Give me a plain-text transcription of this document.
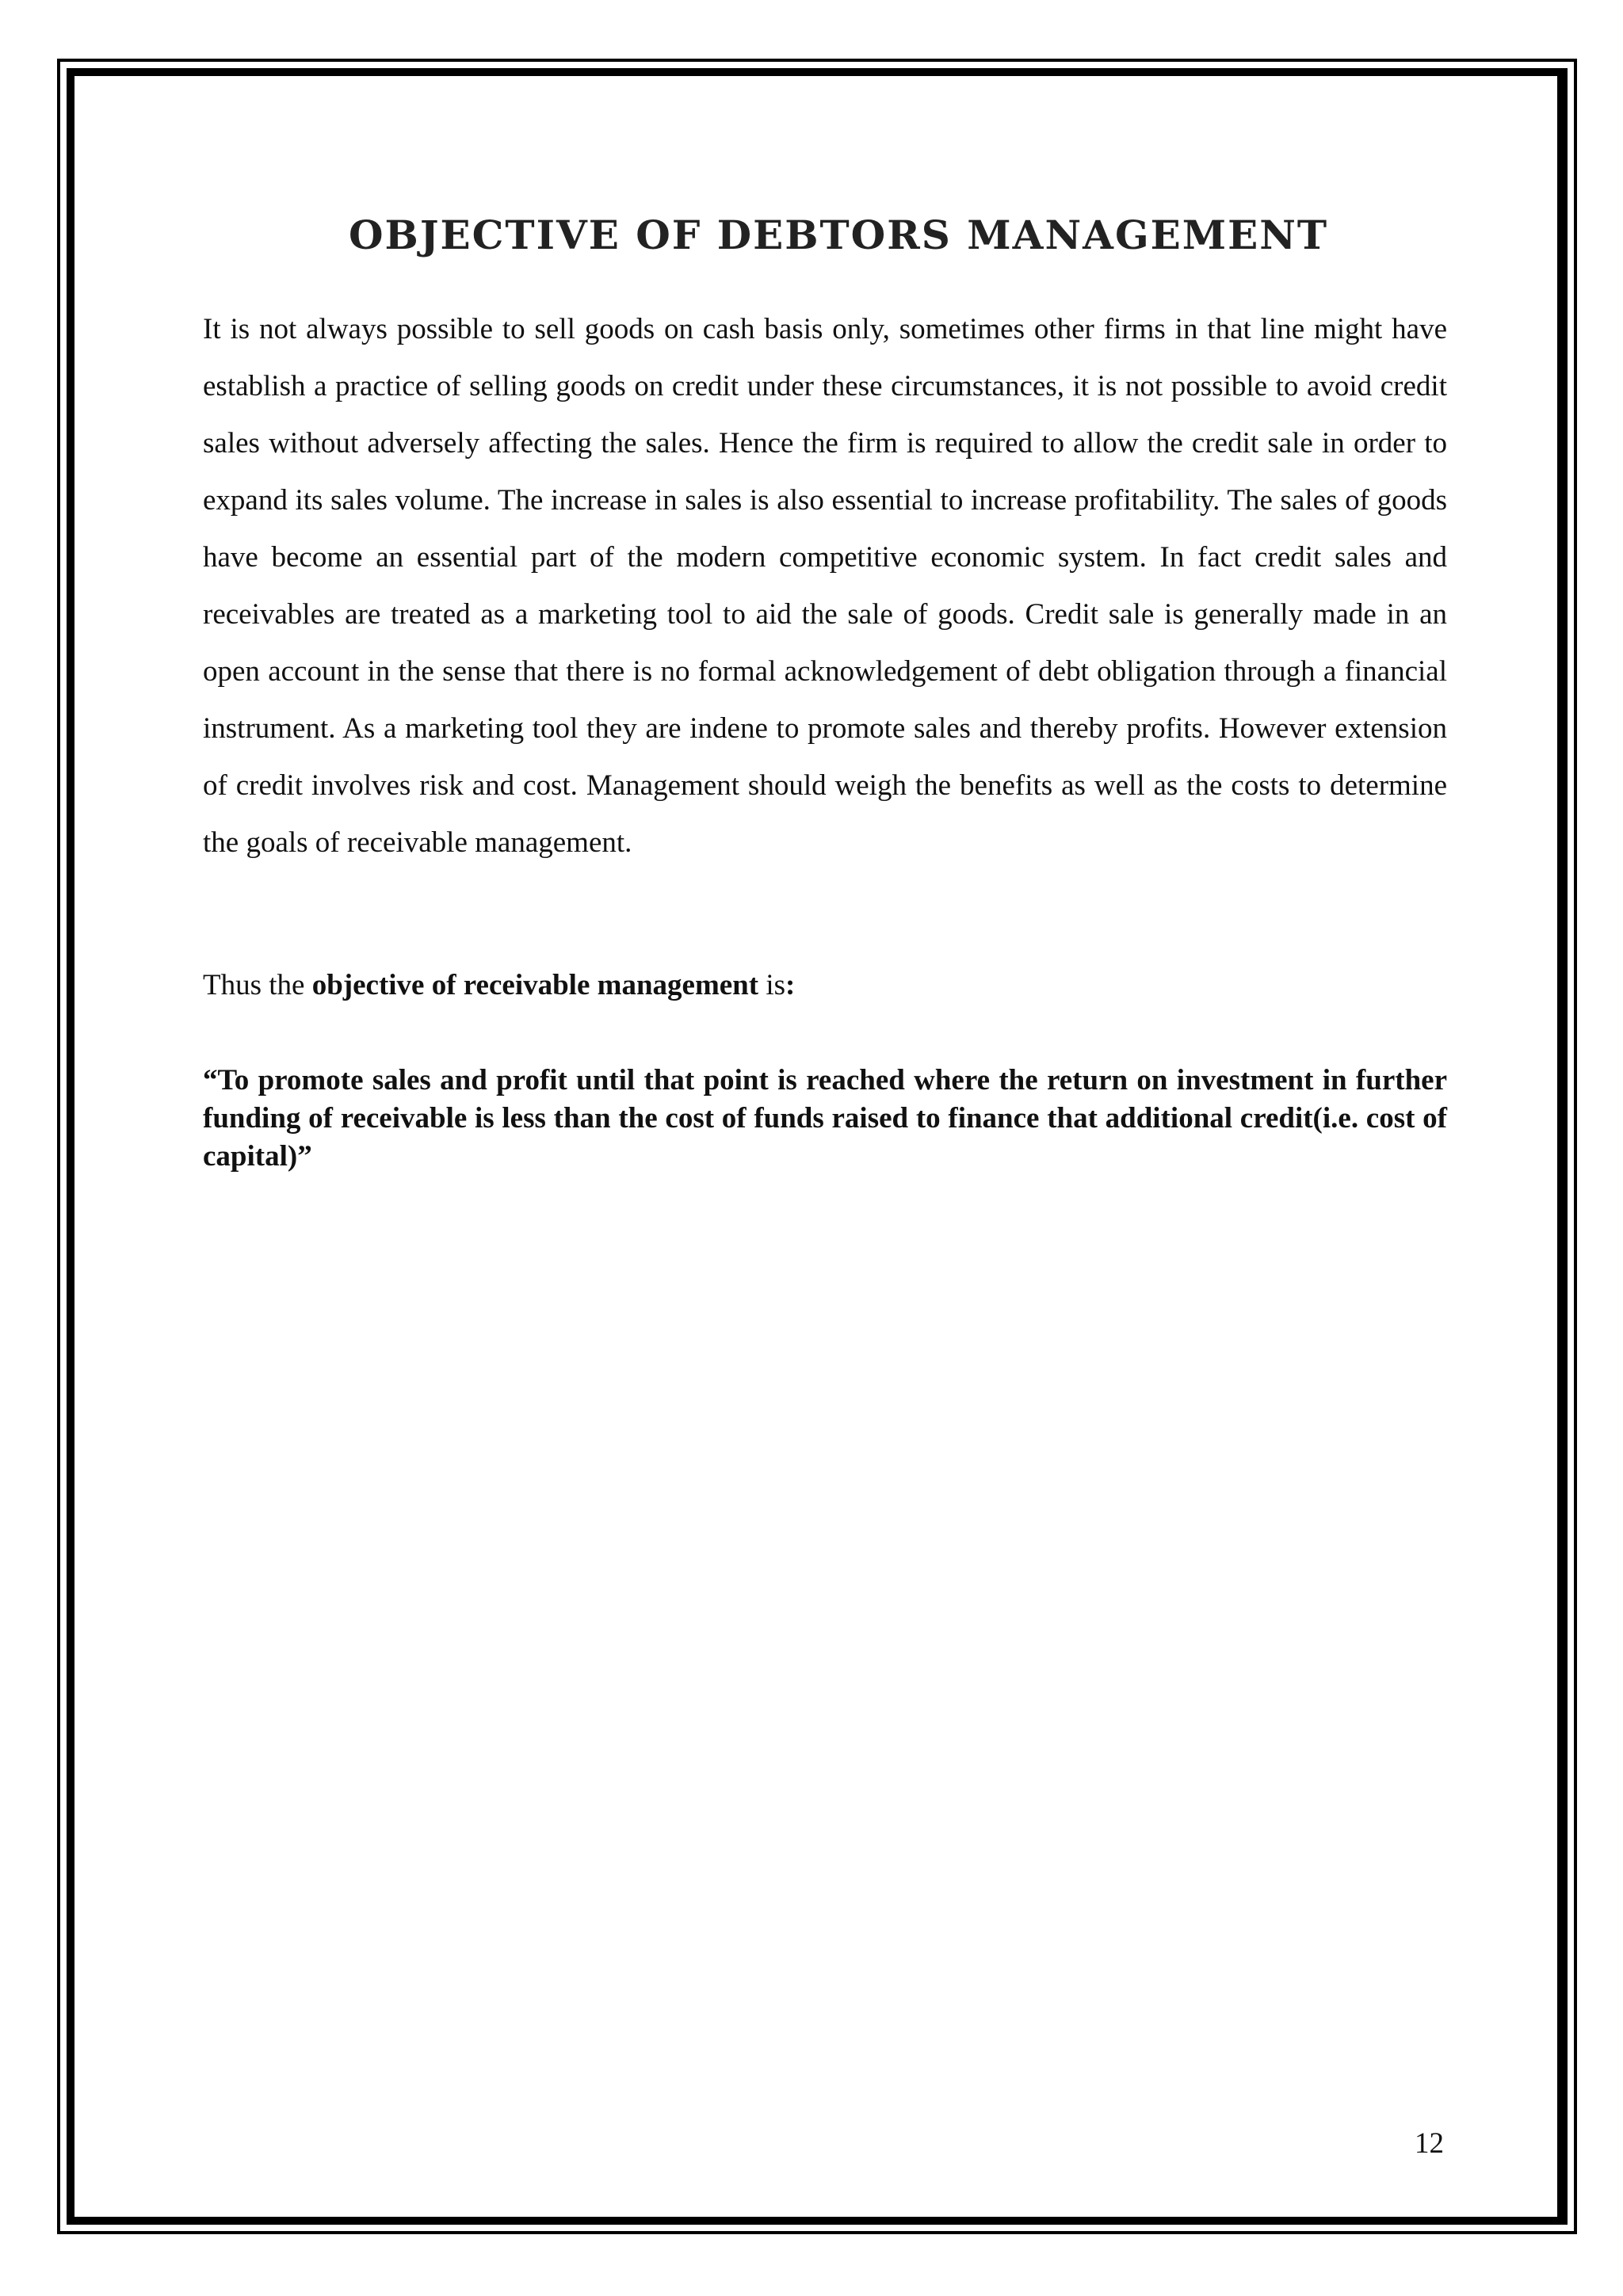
OBJECTIVE OF DEBTORS MANAGEMENT

It is not always possible to sell goods on cash basis only, sometimes other firms in that line might have establish a practice of selling goods on credit under these circumstances, it is not possible to avoid credit sales without adversely affecting the sales. Hence the firm is required to allow the credit sale in order to expand its sales volume. The increase in sales is also essential to increase profitability. The sales of goods have become an essential part of the modern competitive economic system. In fact credit sales and receivables are treated as a marketing tool to aid the sale of goods. Credit sale is generally made in an open account in the sense that there is no formal acknowledgement of debt obligation through a financial instrument. As a marketing tool they are indene to promote sales and thereby profits. However extension of credit involves risk and cost. Management should weigh the benefits as well as the costs to determine the goals of receivable management.

Thus the objective of receivable management is:

“To promote sales and profit until that point is reached where the return on investment in further funding of receivable is less than the cost of funds raised to finance that additional credit(i.e. cost of capital)”

12
